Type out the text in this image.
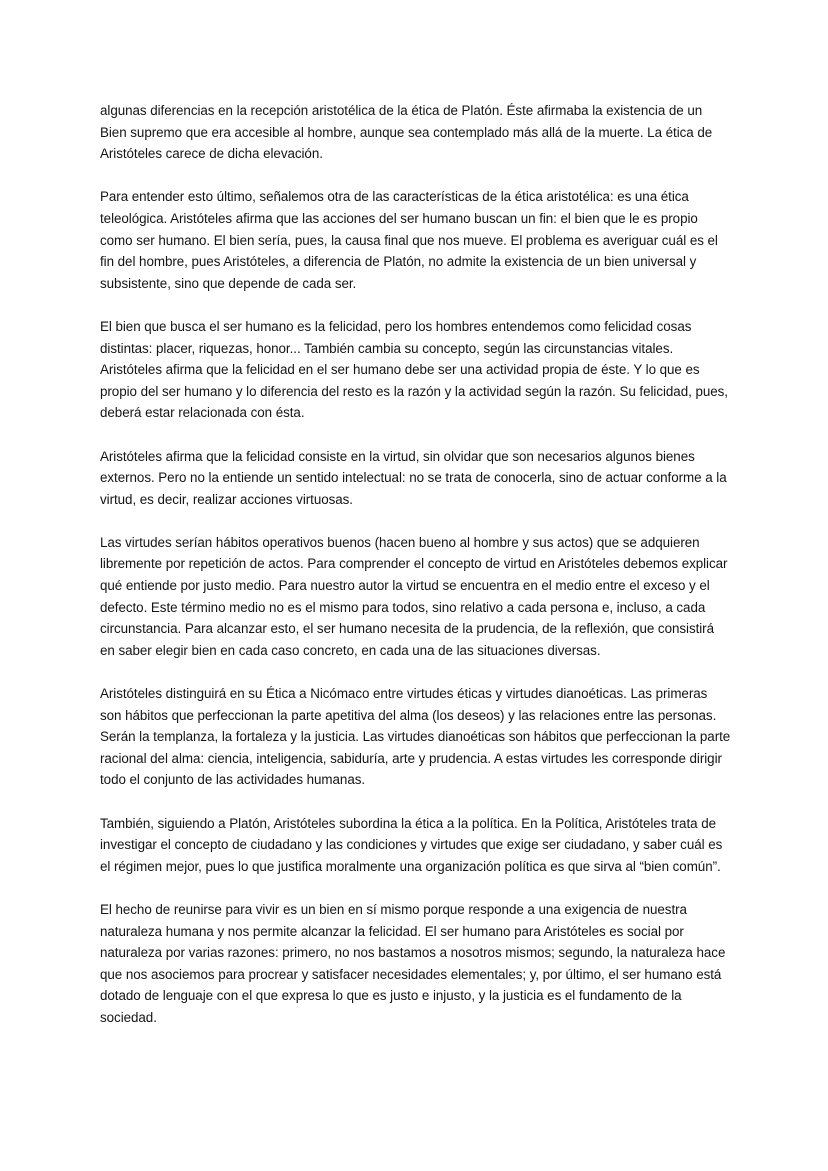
algunas diferencias en la recepción aristotélica de la ética de Platón. Éste afirmaba la existencia de un Bien supremo que era accesible al hombre, aunque sea contemplado más allá de la muerte. La ética de Aristóteles carece de dicha elevación.

Para entender esto último, señalemos otra de las características de la ética aristotélica: es una ética teleológica. Aristóteles afirma que las acciones del ser humano buscan un fin: el bien que le es propio como ser humano. El bien sería, pues, la causa final que nos mueve. El problema es averiguar cuál es el fin del hombre, pues Aristóteles, a diferencia de Platón, no admite la existencia de un bien universal y subsistente, sino que depende de cada ser.

El bien que busca el ser humano es la felicidad, pero los hombres entendemos como felicidad cosas distintas: placer, riquezas, honor... También cambia su concepto, según las circunstancias vitales. Aristóteles afirma que la felicidad en el ser humano debe ser una actividad propia de éste. Y lo que es propio del ser humano y lo diferencia del resto es la razón y la actividad según la razón. Su felicidad, pues, deberá estar relacionada con ésta.

Aristóteles afirma que la felicidad consiste en la virtud, sin olvidar que son necesarios algunos bienes externos. Pero no la entiende un sentido intelectual: no se trata de conocerla, sino de actuar conforme a la virtud, es decir, realizar acciones virtuosas.

Las virtudes serían hábitos operativos buenos (hacen bueno al hombre y sus actos) que se adquieren libremente por repetición de actos. Para comprender el concepto de virtud en Aristóteles debemos explicar qué entiende por justo medio. Para nuestro autor la virtud se encuentra en el medio entre el exceso y el defecto. Este término medio no es el mismo para todos, sino relativo a cada persona e, incluso, a cada circunstancia. Para alcanzar esto, el ser humano necesita de la prudencia, de la reflexión, que consistirá en saber elegir bien en cada caso concreto, en cada una de las situaciones diversas.

Aristóteles distinguirá en su Ética a Nicómaco entre virtudes éticas y virtudes dianoéticas. Las primeras son hábitos que perfeccionan la parte apetitiva del alma (los deseos) y las relaciones entre las personas. Serán la templanza, la fortaleza y la justicia. Las virtudes dianoéticas son hábitos que perfeccionan la parte racional del alma: ciencia, inteligencia, sabiduría, arte y prudencia. A estas virtudes les corresponde dirigir todo el conjunto de las actividades humanas.

También, siguiendo a Platón, Aristóteles subordina la ética a la política. En la Política, Aristóteles trata de investigar el concepto de ciudadano y las condiciones y virtudes que exige ser ciudadano, y saber cuál es el régimen mejor, pues lo que justifica moralmente una organización política es que sirva al “bien común”.

El hecho de reunirse para vivir es un bien en sí mismo porque responde a una exigencia de nuestra naturaleza humana y nos permite alcanzar la felicidad. El ser humano para Aristóteles es social por naturaleza por varias razones: primero, no nos bastamos a nosotros mismos; segundo, la naturaleza hace que nos asociemos para procrear y satisfacer necesidades elementales; y, por último, el ser humano está dotado de lenguaje con el que expresa lo que es justo e injusto, y la justicia es el fundamento de la sociedad.
